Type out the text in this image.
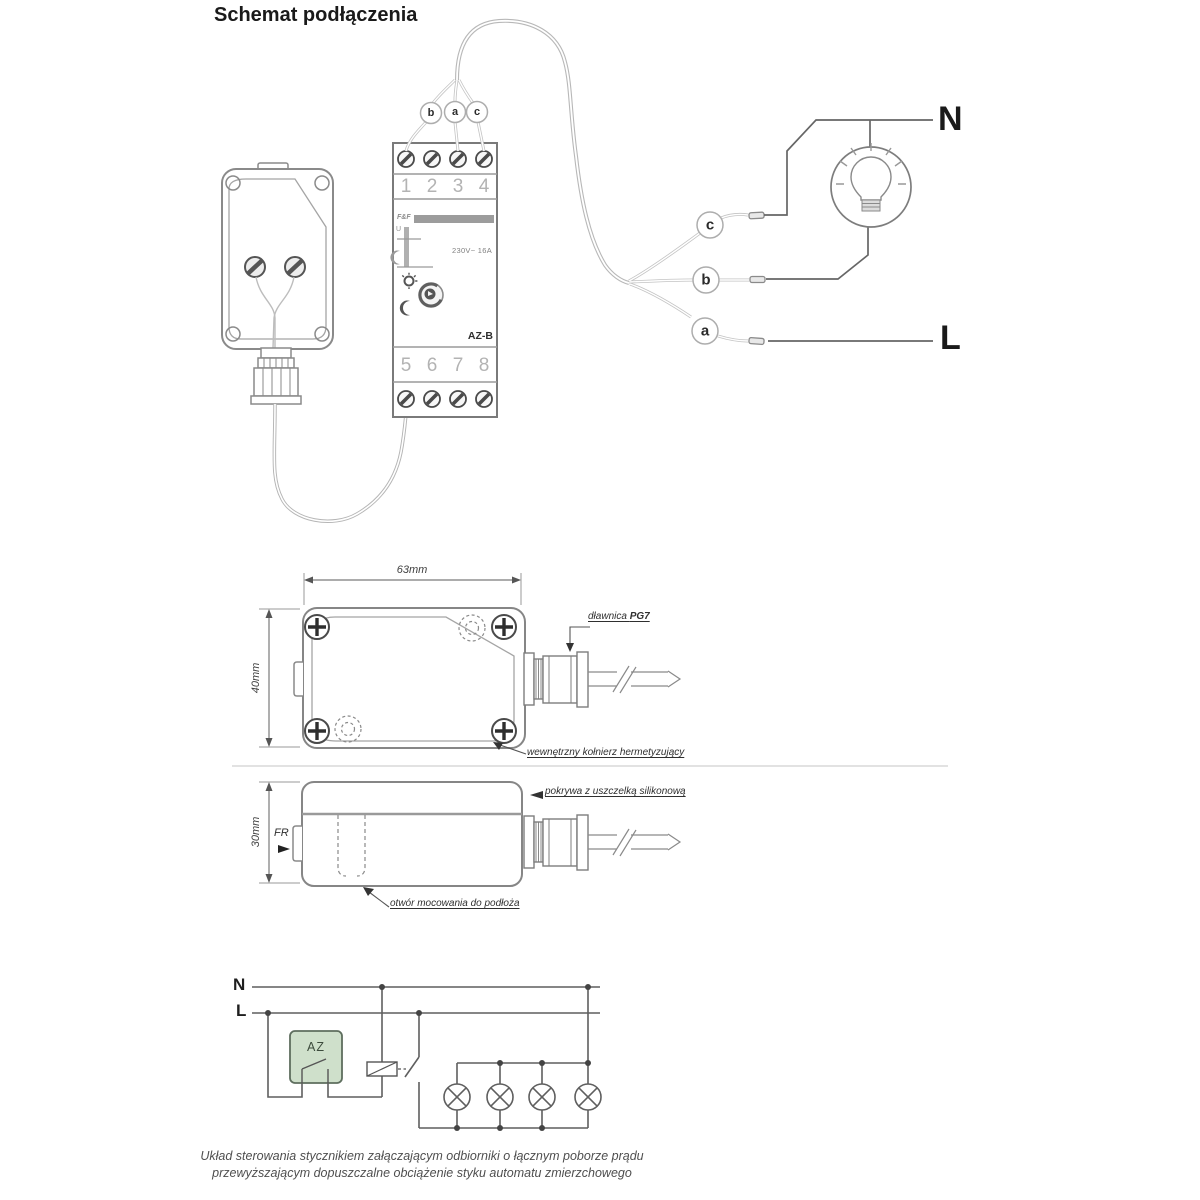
Schemat podłączenia
b a c
1 2 3 4
5 6 7 8
F&F
U
230V~ 16A
AZ-B
c
b
a
N
L
63mm
40mm
dławnica PG7
wewnętrzny kołnierz hermetyzujący
30mm FR
pokrywa z uszczelką silikonową
otwór mocowania do podłoża
N
L
AZ
Układ sterowania stycznikiem załączającym odbiorniki o łącznym poborze prądu
przewyższającym dopuszczalne obciążenie styku automatu zmierzchowego
